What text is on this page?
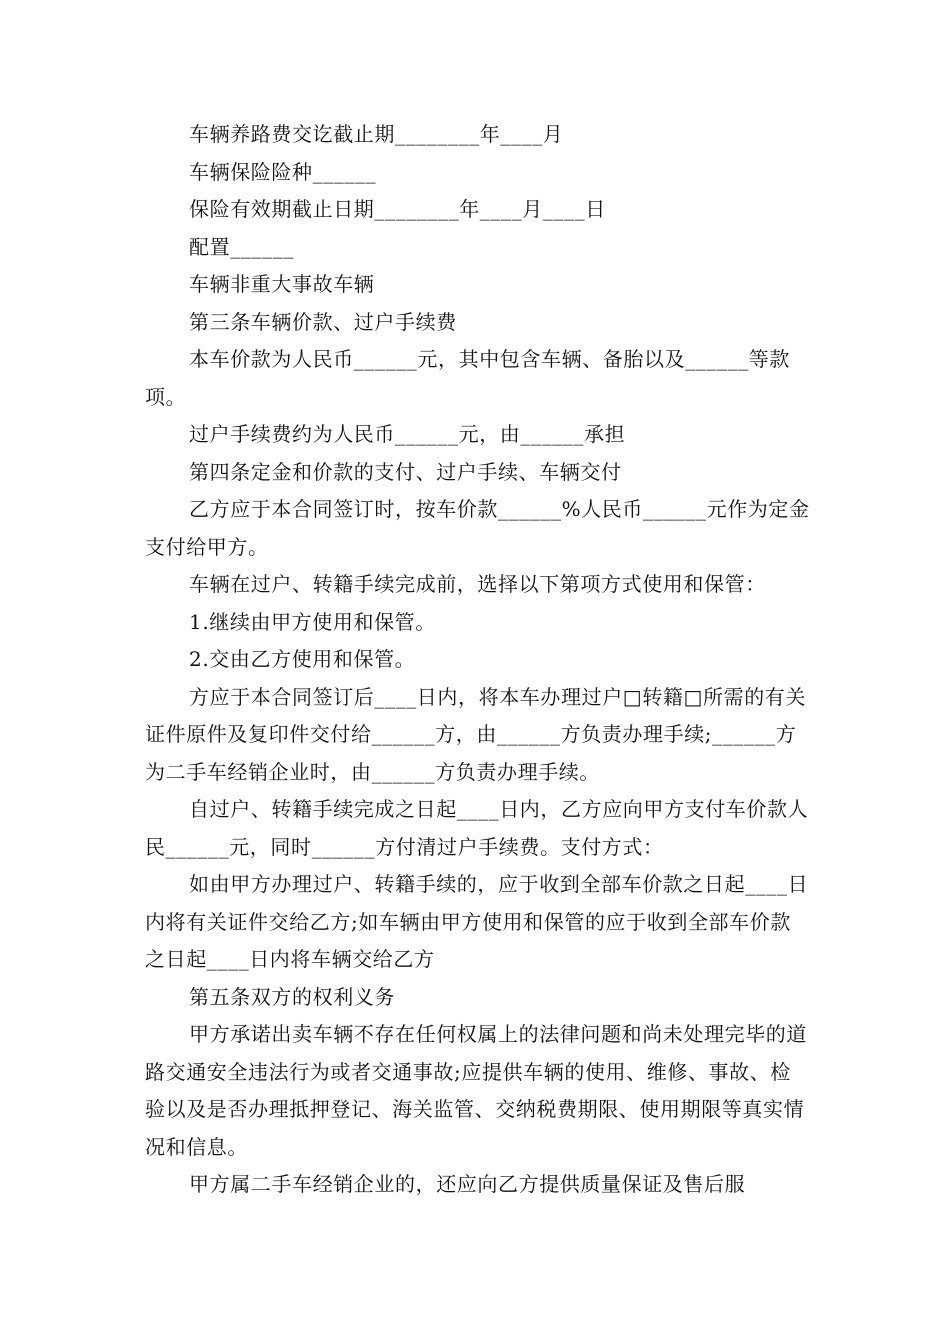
车辆养路费交讫截止期________年____月

车辆保险险种______

保险有效期截止日期________年____月____日

配置______

车辆非重大事故车辆

第三条车辆价款、过户手续费

本车价款为人民币______元，其中包含车辆、备胎以及______等款项。

过户手续费约为人民币______元，由______承担

第四条定金和价款的支付、过户手续、车辆交付

乙方应于本合同签订时，按车价款______%人民币______元作为定金支付给甲方。

车辆在过户、转籍手续完成前，选择以下第项方式使用和保管：

1.继续由甲方使用和保管。

2.交由乙方使用和保管。

方应于本合同签订后____日内，将本车办理过户□转籍□所需的有关证件原件及复印件交付给______方，由______方负责办理手续;______方为二手车经销企业时，由______方负责办理手续。

自过户、转籍手续完成之日起____日内，乙方应向甲方支付车价款人民______元，同时______方付清过户手续费。支付方式：

如由甲方办理过户、转籍手续的，应于收到全部车价款之日起____日内将有关证件交给乙方;如车辆由甲方使用和保管的应于收到全部车价款之日起____日内将车辆交给乙方

第五条双方的权利义务

甲方承诺出卖车辆不存在任何权属上的法律问题和尚未处理完毕的道路交通安全违法行为或者交通事故;应提供车辆的使用、维修、事故、检验以及是否办理抵押登记、海关监管、交纳税费期限、使用期限等真实情况和信息。

甲方属二手车经销企业的，还应向乙方提供质量保证及售后服
